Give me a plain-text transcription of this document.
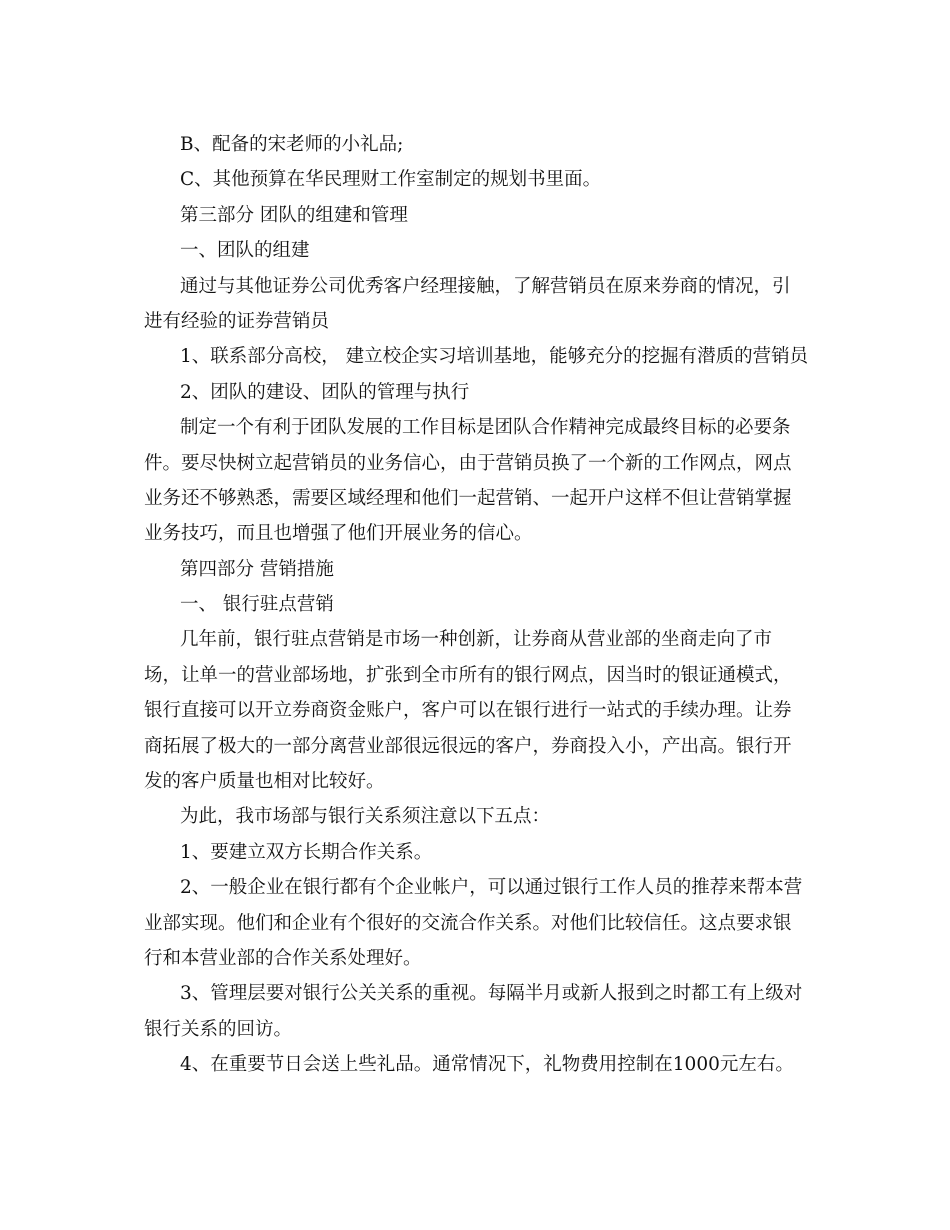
B、配备的宋老师的小礼品;
C、其他预算在华民理财工作室制定的规划书里面。
第三部分 团队的组建和管理
一、团队的组建
通过与其他证券公司优秀客户经理接触，了解营销员在原来券商的情况，引
进有经验的证券营销员
1、联系部分高校， 建立校企实习培训基地，能够充分的挖掘有潜质的营销员
2、团队的建设、团队的管理与执行
制定一个有利于团队发展的工作目标是团队合作精神完成最终目标的必要条
件。要尽快树立起营销员的业务信心，由于营销员换了一个新的工作网点，网点
业务还不够熟悉，需要区域经理和他们一起营销、一起开户这样不但让营销掌握
业务技巧，而且也增强了他们开展业务的信心。
第四部分 营销措施
一、 银行驻点营销
几年前，银行驻点营销是市场一种创新，让券商从营业部的坐商走向了市
场，让单一的营业部场地，扩张到全市所有的银行网点，因当时的银证通模式，
银行直接可以开立券商资金账户，客户可以在银行进行一站式的手续办理。让券
商拓展了极大的一部分离营业部很远很远的客户，券商投入小，产出高。银行开
发的客户质量也相对比较好。
为此，我市场部与银行关系须注意以下五点：
1、要建立双方长期合作关系。
2、一般企业在银行都有个企业帐户，可以通过银行工作人员的推荐来帮本营
业部实现。他们和企业有个很好的交流合作关系。对他们比较信任。这点要求银
行和本营业部的合作关系处理好。
3、管理层要对银行公关关系的重视。每隔半月或新人报到之时都工有上级对
银行关系的回访。
4、在重要节日会送上些礼品。通常情况下，礼物费用控制在1000元左右。
